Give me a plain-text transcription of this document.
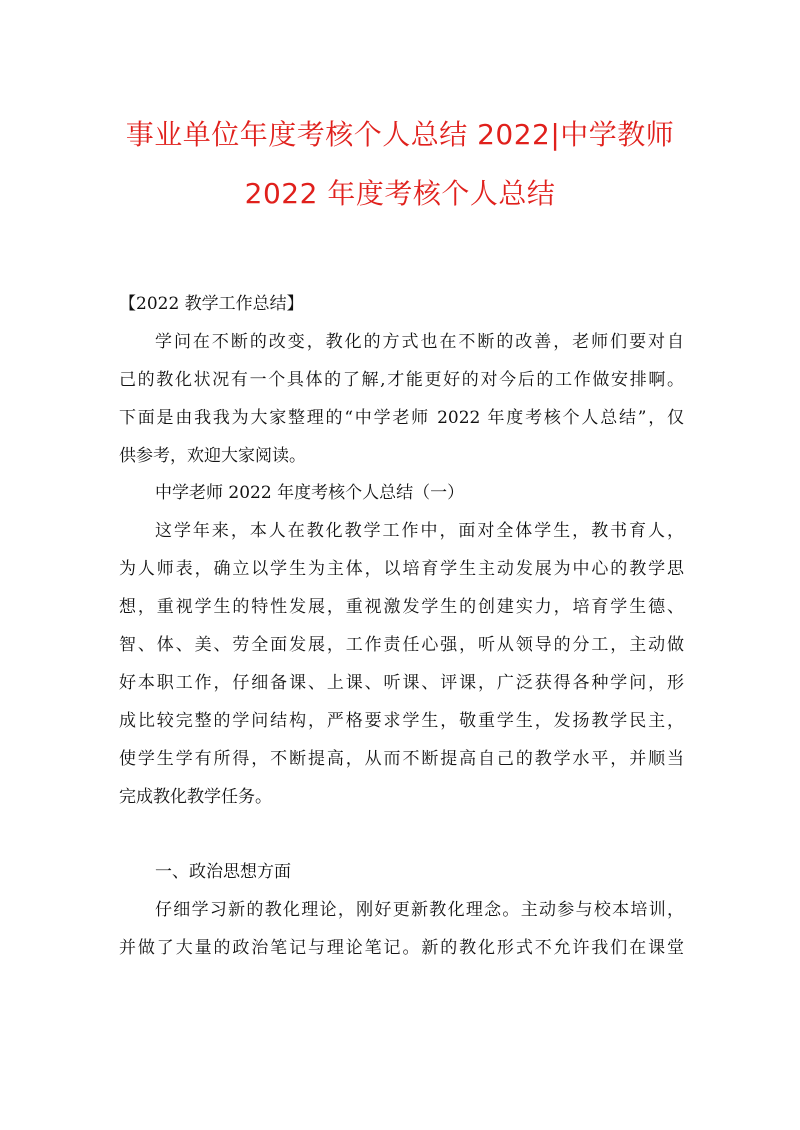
事业单位年度考核个人总结 2022|中学教师
2022 年度考核个人总结
【2022 教学工作总结】
学问在不断的改变，教化的方式也在不断的改善，老师们要对自
己的教化状况有一个具体的了解,才能更好的对今后的工作做安排啊。
下面是由我我为大家整理的“中学老师 2022 年度考核个人总结”，仅
供参考，欢迎大家阅读。
中学老师 2022 年度考核个人总结（一）
这学年来，本人在教化教学工作中，面对全体学生，教书育人，
为人师表，确立以学生为主体，以培育学生主动发展为中心的教学思
想，重视学生的特性发展，重视激发学生的创建实力，培育学生德、
智、体、美、劳全面发展，工作责任心强，听从领导的分工，主动做
好本职工作，仔细备课、上课、听课、评课，广泛获得各种学问，形
成比较完整的学问结构，严格要求学生，敬重学生，发扬教学民主，
使学生学有所得，不断提高，从而不断提高自己的教学水平，并顺当
完成教化教学任务。
一、政治思想方面
仔细学习新的教化理论，刚好更新教化理念。主动参与校本培训，
并做了大量的政治笔记与理论笔记。新的教化形式不允许我们在课堂
